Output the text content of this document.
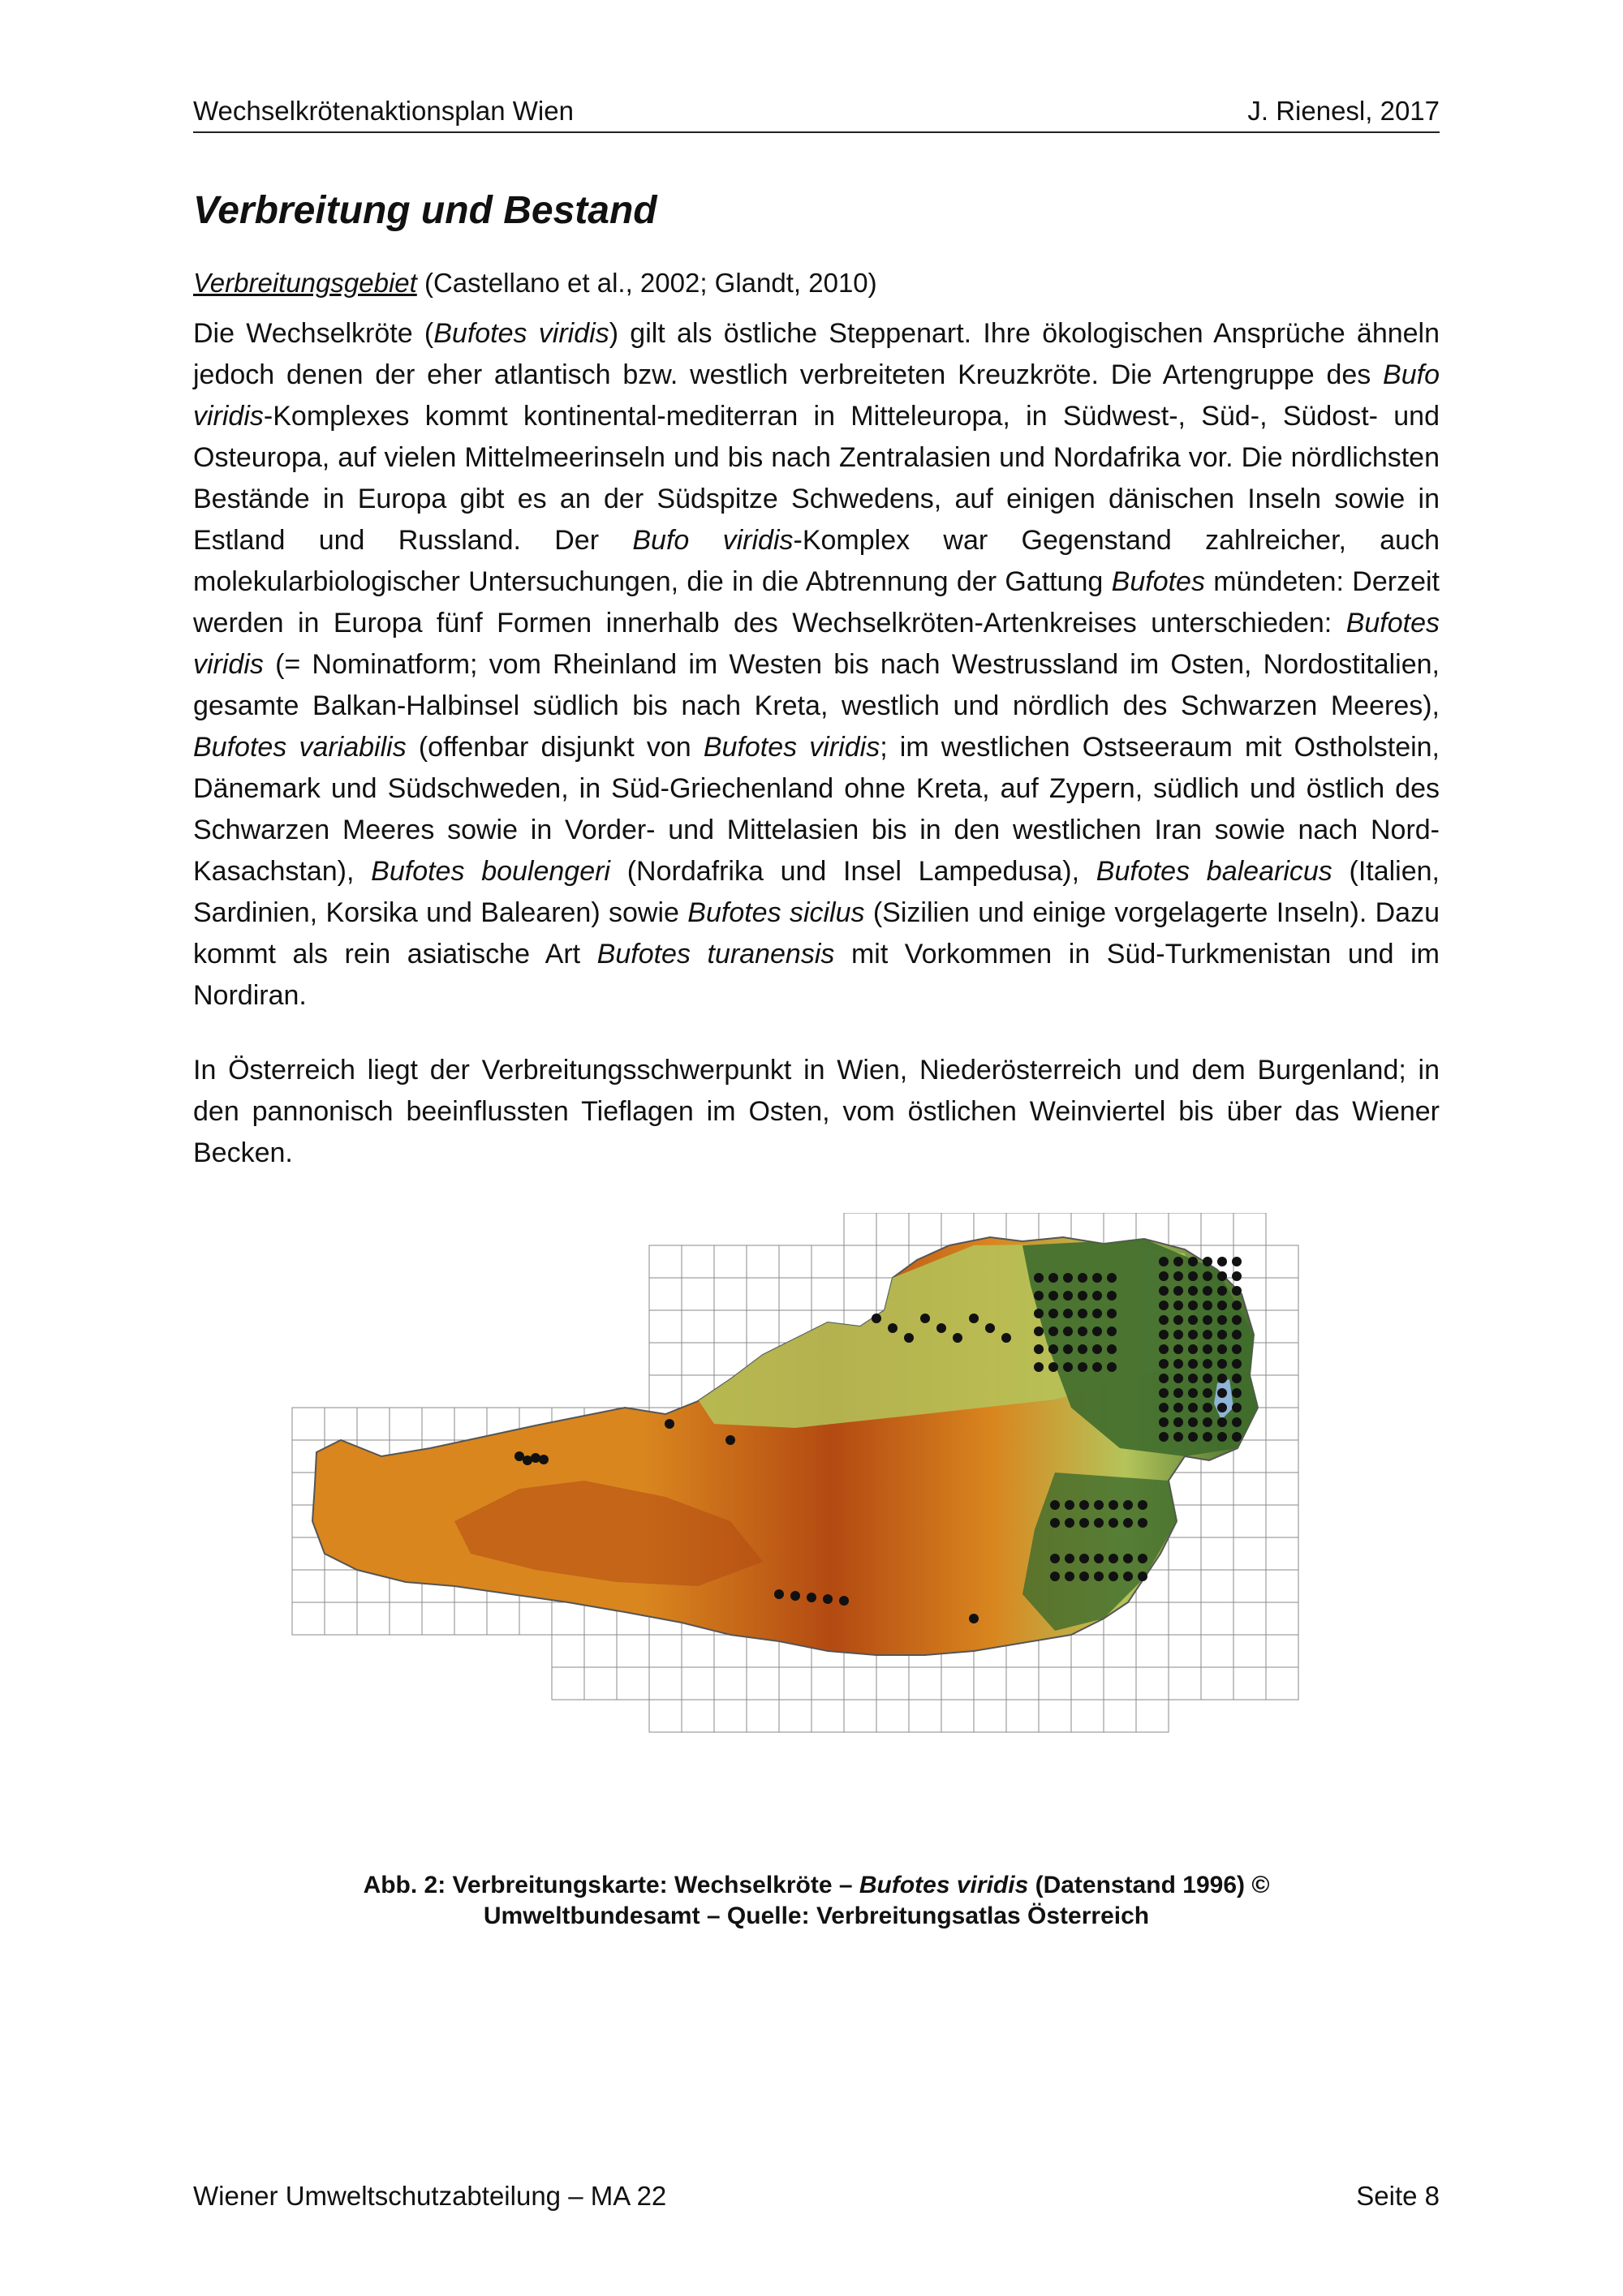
Wechselkrötenaktionsplan Wien	J. Rienesl, 2017
Verbreitung und Bestand
Verbreitungsgebiet (Castellano et al., 2002; Glandt, 2010)
Die Wechselkröte (Bufotes viridis) gilt als östliche Steppenart. Ihre ökologischen Ansprüche ähneln jedoch denen der eher atlantisch bzw. westlich verbreiteten Kreuzkröte. Die Artengruppe des Bufo viridis-Komplexes kommt kontinental-mediterran in Mitteleuropa, in Südwest-, Süd-, Südost- und Osteuropa, auf vielen Mittelmeerinseln und bis nach Zentralasien und Nordafrika vor. Die nördlichsten Bestände in Europa gibt es an der Südspitze Schwedens, auf einigen dänischen Inseln sowie in Estland und Russland. Der Bufo viridis-Komplex war Gegenstand zahlreicher, auch molekularbiologischer Untersuchungen, die in die Abtrennung der Gattung Bufotes mündeten: Derzeit werden in Europa fünf Formen innerhalb des Wechselkröten-Artenkreises unterschieden: Bufotes viridis (= Nominatform; vom Rheinland im Westen bis nach Westrussland im Osten, Nordostitalien, gesamte Balkan-Halbinsel südlich bis nach Kreta, westlich und nördlich des Schwarzen Meeres), Bufotes variabilis (offenbar disjunkt von Bufotes viridis; im westlichen Ostseeraum mit Ostholstein, Dänemark und Südschweden, in Süd-Griechenland ohne Kreta, auf Zypern, südlich und östlich des Schwarzen Meeres sowie in Vorder- und Mittelasien bis in den westlichen Iran sowie nach Nord-Kasachstan), Bufotes boulengeri (Nordafrika und Insel Lampedusa), Bufotes balearicus (Italien, Sardinien, Korsika und Balearen) sowie Bufotes sicilus (Sizilien und einige vorgelagerte Inseln). Dazu kommt als rein asiatische Art Bufotes turanensis mit Vorkommen in Süd-Turkmenistan und im Nordiran.
In Österreich liegt der Verbreitungsschwerpunkt in Wien, Niederösterreich und dem Burgenland; in den pannonisch beeinflussten Tieflagen im Osten, vom östlichen Weinviertel bis über das Wiener Becken.
Abb. 2: Verbreitungskarte: Wechselkröte – Bufotes viridis (Datenstand 1996) ©
Umweltbundesamt – Quelle: Verbreitungsatlas Österreich
Wiener Umweltschutzabteilung – MA 22	Seite 8
